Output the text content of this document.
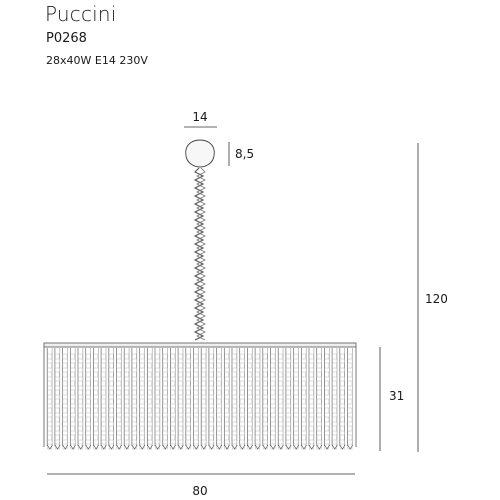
Puccini
P0268
28x40W E14 230V
14
8,5
120
31
80
